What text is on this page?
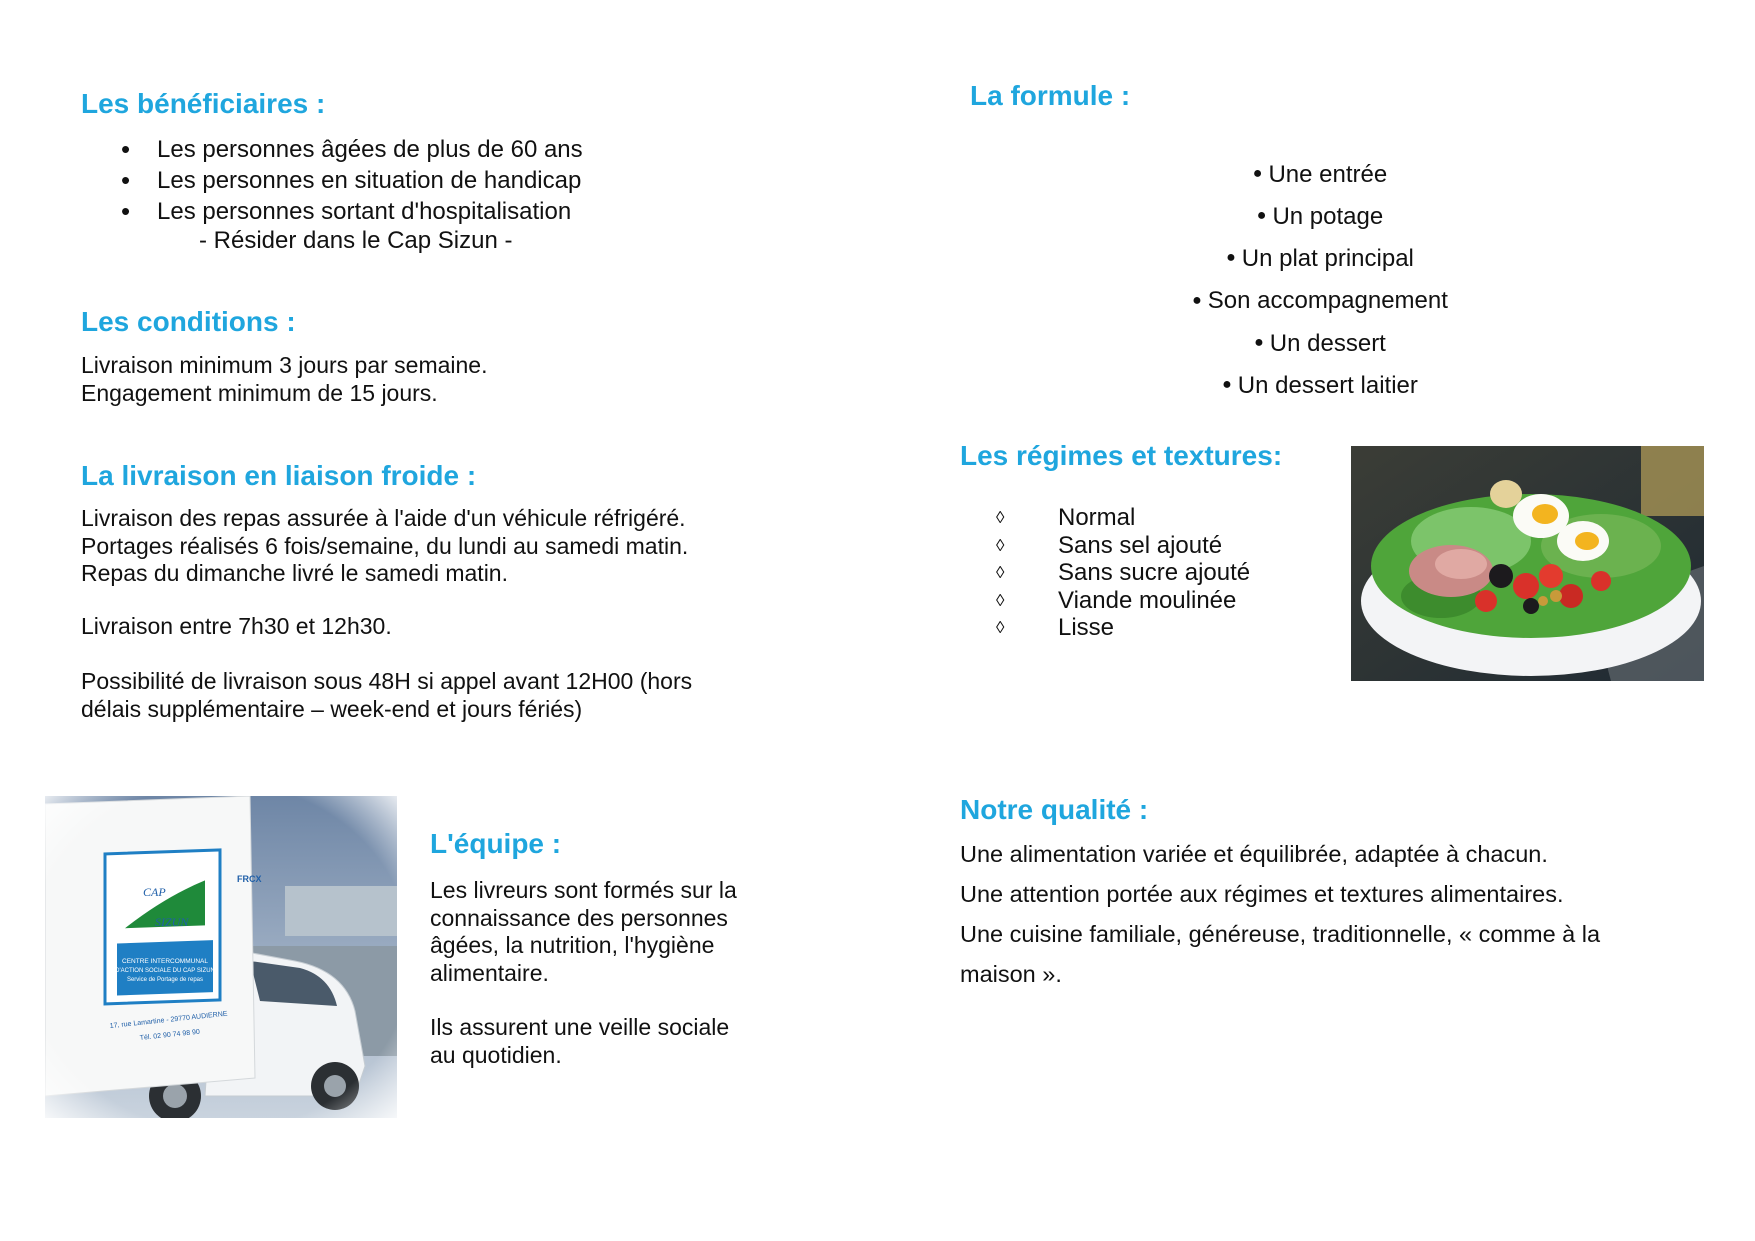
Les bénéficiaires :
• Les personnes âgées de plus de 60 ans
• Les personnes en situation de handicap
• Les personnes sortant d'hospitalisation

- Résider dans le Cap Sizun -

Les conditions :
Livraison minimum 3 jours par semaine.
Engagement minimum de 15 jours.
La livraison en liaison froide :
Livraison des repas assurée à l'aide d'un véhicule réfrigéré.
Portages réalisés 6 fois/semaine, du lundi au samedi matin.
Repas du dimanche livré le samedi matin.

Livraison entre 7h30 et 12h30.

Possibilité de livraison sous 48H si appel avant 12H00 (hors
délais supplémentaire – week-end et jours fériés)
L'équipe :
Les livreurs sont formés sur la
connaissance des personnes
âgées, la nutrition, l'hygiène
alimentaire.
Ils assurent une veille sociale
au quotidien.
La formule :
● Une entrée
● Un potage
● Un plat principal
● Son accompagnement
● Un dessert
● Un dessert laitier
Les régimes et textures:
◊ Normal
◊ Sans sel ajouté
◊ Sans sucre ajouté
◊ Viande moulinée
◊ Lisse
Notre qualité :
Une alimentation variée et équilibrée, adaptée à chacun.
Une attention portée aux régimes et textures alimentaires.
Une cuisine familiale, généreuse, traditionnelle, « comme à la
maison ».
